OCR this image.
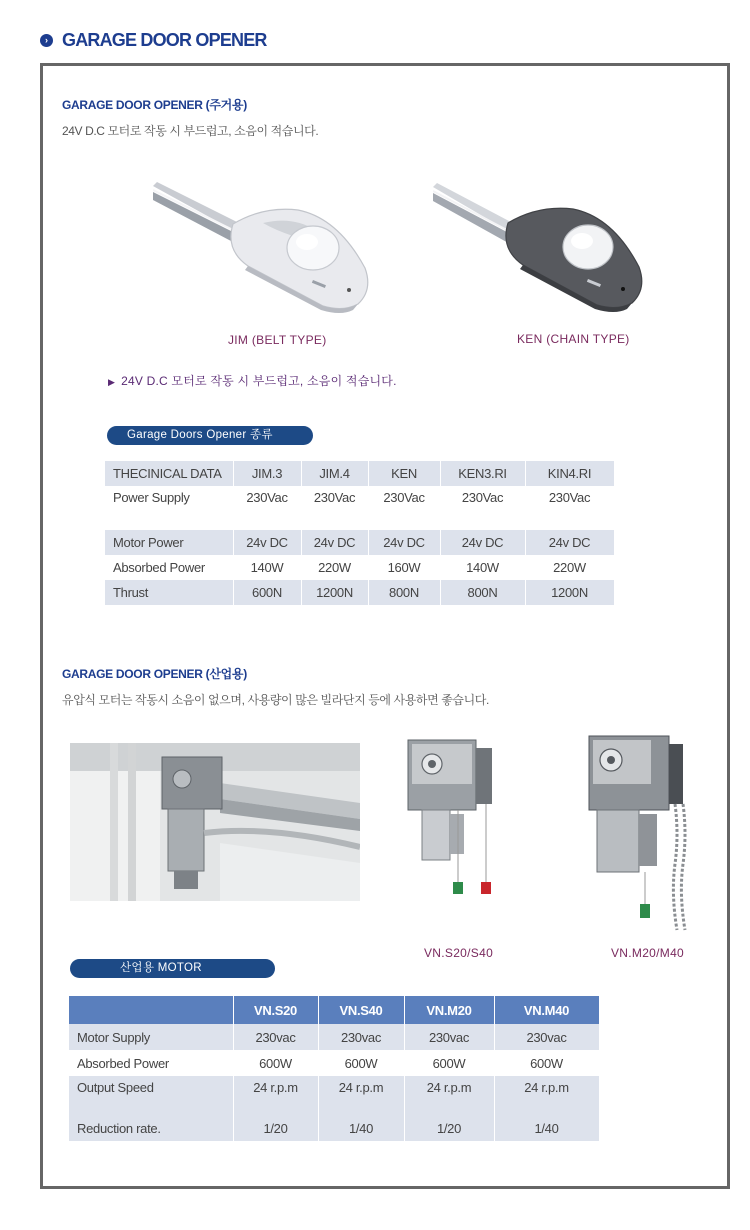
› GARAGE DOOR OPENER
GARAGE DOOR OPENER (주거용)
24V D.C 모터로 작동 시 부드럽고, 소음이 적습니다.
JIM (BELT TYPE)	KEN (CHAIN TYPE)
▶ 24V D.C 모터로 작동 시 부드럽고, 소음이 적습니다.
Garage Doors Opener 종류
THECINICAL DATA	JIM.3	JIM.4	KEN	KEN3.RI	KIN4.RI
Power Supply	230Vac	230Vac	230Vac	230Vac	230Vac
Motor Power	24v DC	24v DC	24v DC	24v DC	24v DC
Absorbed Power	140W	220W	160W	140W	220W
Thrust	600N	1200N	800N	800N	1200N
GARAGE DOOR OPENER (산업용)
유압식 모터는 작동시 소음이 없으며, 사용량이 많은 빌라단지 등에 사용하면 좋습니다.
VN.S20/S40	VN.M20/M40
산업용 MOTOR
	VN.S20	VN.S40	VN.M20	VN.M40
Motor Supply	230vac	230vac	230vac	230vac
Absorbed Power	600W	600W	600W	600W
Output Speed	24 r.p.m	24 r.p.m	24 r.p.m	24 r.p.m
Reduction rate.	1/20	1/40	1/20	1/40
